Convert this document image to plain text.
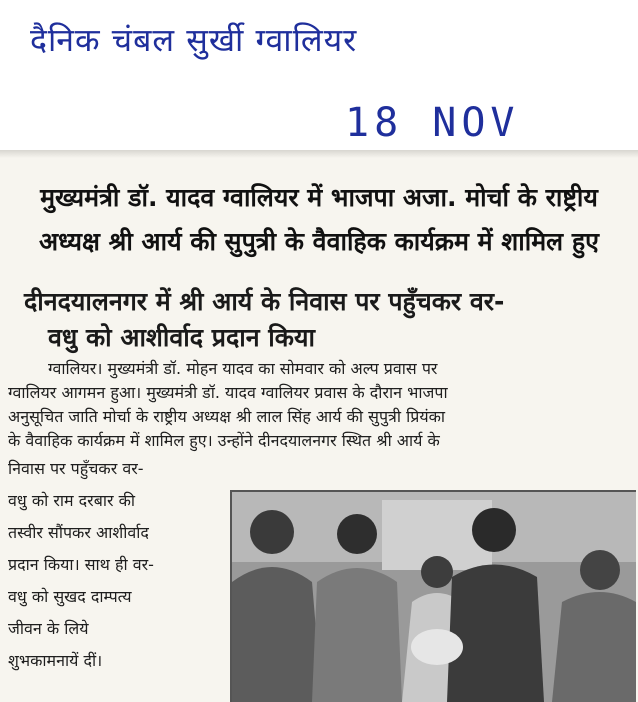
दैनिक चंबल सुर्खी ग्वालियर
18 NOV
मुख्यमंत्री डॉ. यादव ग्वालियर में भाजपा अजा. मोर्चा के राष्ट्रीय
अध्यक्ष श्री आर्य की सुपुत्री के वैवाहिक कार्यक्रम में शामिल हुए
दीनदयालनगर में श्री आर्य के निवास पर पहुँचकर वर-
वधु को आशीर्वाद प्रदान किया

ग्वालियर। मुख्यमंत्री डॉ. मोहन यादव का सोमवार को अल्प प्रवास पर

ग्वालियर आगमन हुआ। मुख्यमंत्री डॉ. यादव ग्वालियर प्रवास के दौरान भाजपा

अनुसूचित जाति मोर्चा के राष्ट्रीय अध्यक्ष श्री लाल सिंह आर्य की सुपुत्री प्रियंका

के वैवाहिक कार्यक्रम में शामिल हुए। उन्होंने दीनदयालनगर स्थित श्री आर्य के

निवास पर पहुँचकर वर-

वधु को राम दरबार की

तस्वीर सौंपकर आशीर्वाद

प्रदान किया। साथ ही वर-

वधु को सुखद दाम्पत्य

जीवन के लिये

शुभकामनायें दीं।
